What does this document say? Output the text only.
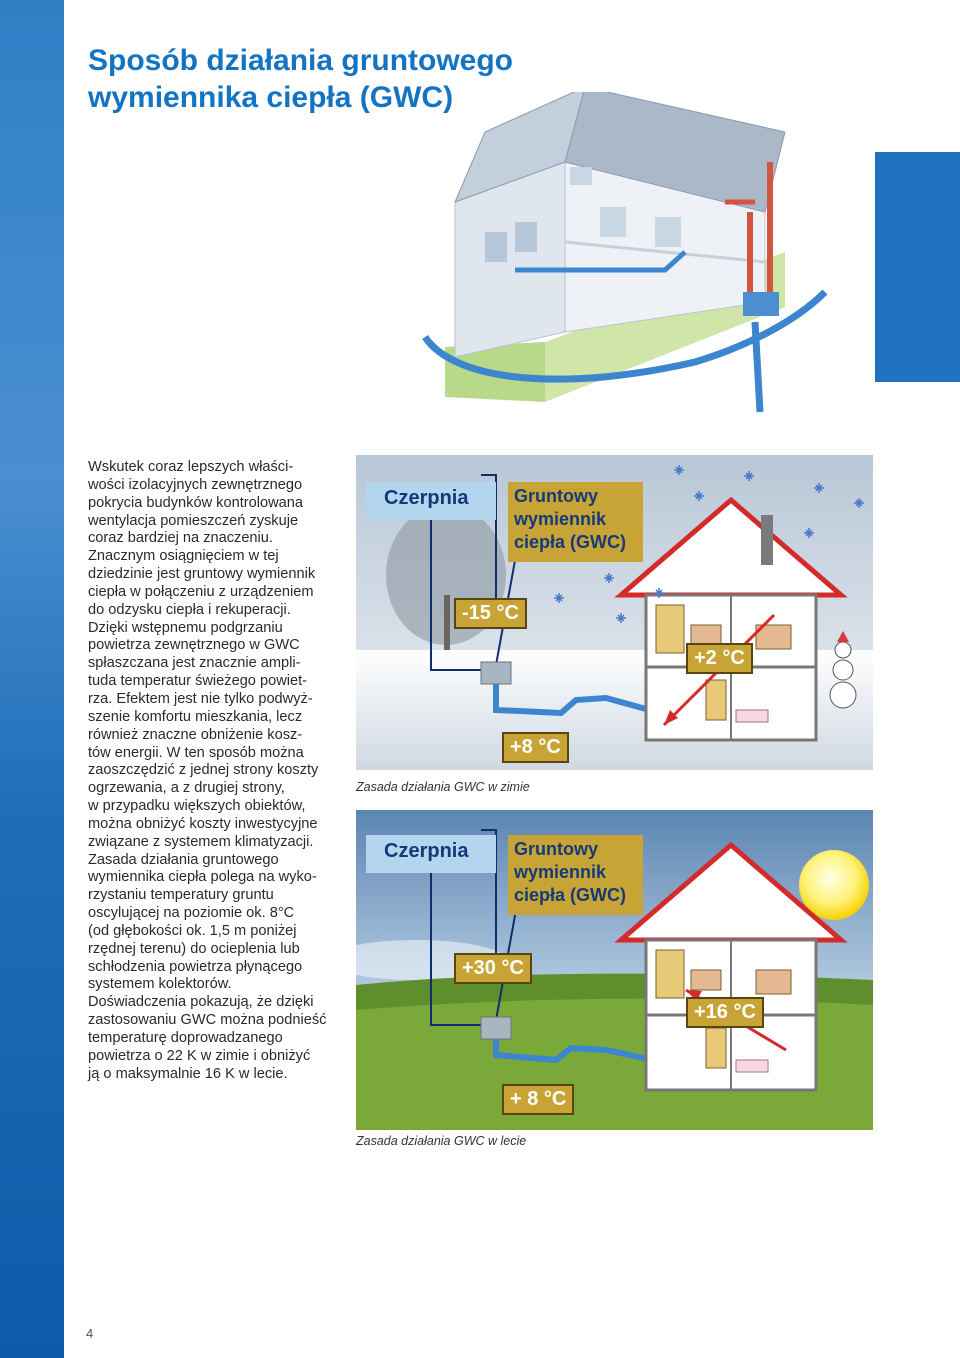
Sposób działania gruntowego
wymiennika ciepła (GWC)

Wskutek coraz lepszych właści-
wości izolacyjnych zewnętrznego
pokrycia budynków kontrolowana
wentylacja pomieszczeń zyskuje
coraz bardziej na znaczeniu.
Znacznym osiągnięciem w tej
dziedzinie jest gruntowy wymiennik
ciepła w połączeniu z urządzeniem
do odzysku ciepła i rekuperacji.
Dzięki wstępnemu podgrzaniu
powietrza zewnętrznego w GWC
spłaszczana jest znacznie ampli-
tuda temperatur świeżego powiet-
rza. Efektem jest nie tylko podwyż-
szenie komfortu mieszkania, lecz
również znaczne obniżenie kosz-
tów energii. W ten sposób można
zaoszczędzić z jednej strony koszty
ogrzewania, a z drugiej strony,
w przypadku większych obiektów,
można obniżyć koszty inwestycyjne
związane z systemem klimatyzacji.
Zasada działania gruntowego
wymiennika ciepła polega na wyko-
rzystaniu temperatury gruntu
oscylującej na poziomie ok. 8°C
(od głębokości ok. 1,5 m poniżej
rzędnej terenu) do ocieplenia lub
schłodzenia powietrza płynącego
systemem kolektorów.
Doświadczenia pokazują, że dzięki
zastosowaniu GWC można podnieść
temperaturę doprowadzanego
powietrza o 22 K w zimie i obniżyć
ją o maksymalnie 16 K w lecie.

Czerpnia	Gruntowy
wymiennik
ciepła (GWC)
-15 °C
+8 °C
+2 °C
Zasada działania GWC w zimie
Czerpnia	Gruntowy
wymiennik
ciepła (GWC)
+30 °C
+ 8 °C
+16 °C
Zasada działania GWC w lecie
4
